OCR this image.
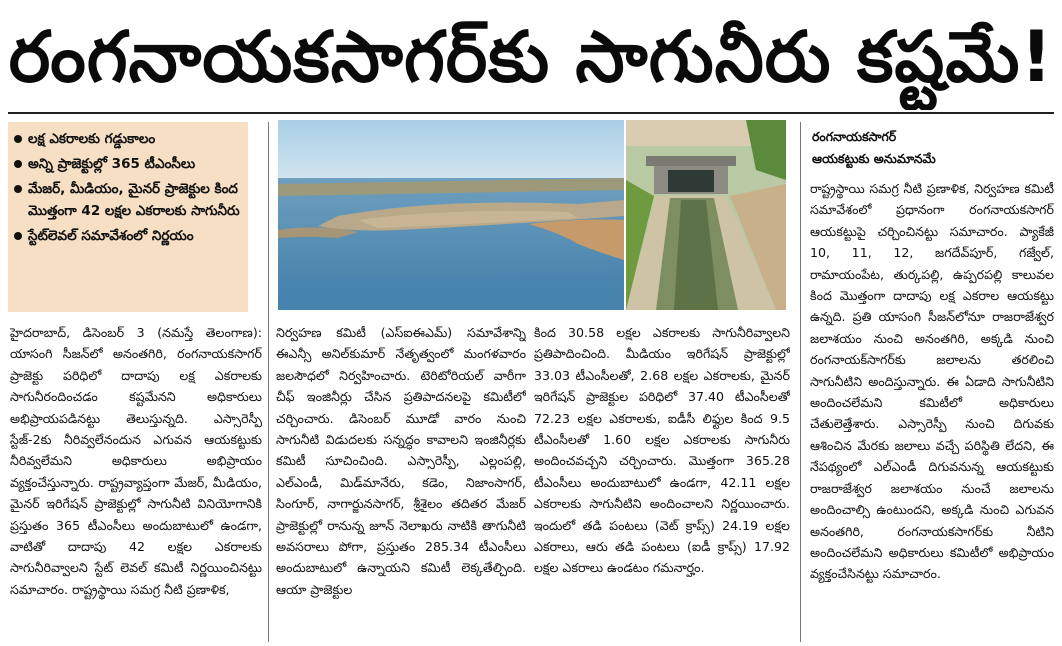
రంగనాయకసాగర్‌కు సాగునీరు కష్టమే!
లక్ష ఎకరాలకు గడ్డుకాలం
అన్ని ప్రాజెక్టుల్లో 365 టీఎంసీలు
మేజర్, మీడియం, మైనర్ ప్రాజెక్టుల కింద మొత్తంగా 42 లక్షల ఎకరాలకు సాగునీరు
స్టేట్‌లెవల్ సమావేశంలో నిర్ణయం
రంగనాయకసాగర్
ఆయకట్టుకు అనుమానమే
హైదరాబాద్, డిసెంబర్ 3 (నమస్తే తెలంగాణ): యాసంగి సీజన్‌లో అనంతగిరి, రంగనాయకసాగర్ ప్రాజెక్టు పరిధిలో దాదాపు లక్ష ఎకరాలకు సాగునీరందించడం కష్టమేనని అధికారులు అభిప్రాయపడినట్టు తెలుస్తున్నది. ఎస్సారెస్పీ స్టేజ్-2కు నీరివ్వలేనందున ఎగువన ఆయకట్టుకు నీరివ్వలేమని అధికారులు అభిప్రాయం వ్యక్తంచేస్తున్నారు. రాష్ట్రవ్యాప్తంగా మేజర్, మీడియం, మైనర్ ఇరిగేషన్ ప్రాజెక్టుల్లో సాగునీటి వినియోగానికి ప్రస్తుతం 365 టీఎంసీలు అందుబాటులో ఉండగా, వాటితో దాదాపు 42 లక్షల ఎకరాలకు సాగునీరివ్వాలని స్టేట్ లెవల్ కమిటీ నిర్ణయించినట్టు సమాచారం. రాష్ట్రస్థాయి సమగ్ర నీటి ప్రణాళిక,
నిర్వహణ కమిటీ (ఎస్‌ఐఈఎమ్) సమావేశాన్ని ఈఎన్సీ అనిల్‌కుమార్ నేతృత్వంలో మంగళవారం జలసౌధలో నిర్వహించారు. టెరిటోరియల్ వారీగా చీఫ్ ఇంజినీర్లు చేసిన ప్రతిపాదనలపై కమిటీలో చర్చించారు. డిసెంబర్ మూడో వారం నుంచి సాగునీటి విడుదలకు సన్నద్ధం కావాలని ఇంజినీర్లకు కమిటీ సూచించింది. ఎస్సారెస్పీ, ఎల్లంపల్లి, ఎల్‌ఎండీ, మిడ్‌మానేరు, కడెం, నిజాంసాగర్, సింగూర్, నాగార్జునసాగర్, శ్రీశైలం తదితర మేజర్ ప్రాజెక్టుల్లో రానున్న జూన్ నెలాఖరు నాటికి తాగునీటి అవసరాలు పోగా, ప్రస్తుతం 285.34 టీఎంసీలు అందుబాటులో ఉన్నాయని కమిటీ లెక్కతేల్చింది. ఆయా ప్రాజెక్టుల
కింద 30.58 లక్షల ఎకరాలకు సాగునీరివ్వాలని ప్రతిపాదించింది. మీడియం ఇరిగేషన్ ప్రాజెక్టుల్లో 33.03 టీఎంసీలతో, 2.68 లక్షల ఎకరాలకు, మైనర్ ఇరిగేషన్ ప్రాజెక్టుల పరిధిలో 37.40 టీఎంసీలతో 72.23 లక్షల ఎకరాలకు, ఐడీసీ లిఫ్టుల కింద 9.5 టీఎంసీలతో 1.60 లక్షల ఎకరాలకు సాగునీరు అందించవచ్చని చర్చించారు. మొత్తంగా 365.28 టీఎంసీలు అందుబాటులో ఉండగా, 42.11 లక్షల ఎకరాలకు సాగునీటిని అందించాలని నిర్ణయించారు. ఇందులో తడి పంటలు (వెట్ క్రాప్స్) 24.19 లక్షల ఎకరాలు, ఆరు తడి పంటలు (ఐడీ క్రాప్స్) 17.92 లక్షల ఎకరాలు ఉండటం గమనార్హం.
రాష్ట్రస్థాయి సమగ్ర నీటి ప్రణాళిక, నిర్వహణ కమిటీ సమావేశంలో ప్రధానంగా రంగనాయకసాగర్ ఆయకట్టుపై చర్చించినట్టు సమాచారం. ప్యాకేజీ 10, 11, 12, జగదేవ్‌పూర్, గజ్వేల్, రామాయంపేట, తుర్కపల్లి, ఉప్పరపల్లి కాలువల కింద మొత్తంగా దాదాపు లక్ష ఎకరాల ఆయకట్టు ఉన్నది. ప్రతి యాసంగి సీజన్‌లోనూ రాజరాజేశ్వర జలాశయం నుంచి అనంతగిరి, అక్కడి నుంచి రంగనాయక్‌సాగర్‌కు జలాలను తరలించి సాగునీటిని అందిస్తున్నారు. ఈ ఏడాది సాగునీటిని అందించలేమని కమిటీలో అధికారులు చేతులెత్తేశారు. ఎస్సారెస్పీ నుంచి దిగువకు ఆశించిన మేరకు జలాలు వచ్చే పరిస్థితి లేదని, ఈ నేపథ్యంలో ఎల్‌ఎండీ దిగువనున్న ఆయకట్టుకు రాజరాజేశ్వర జలాశయం నుంచే జలాలను అందించాల్సి ఉంటుందని, అక్కడి నుంచి ఎగువన అనంతగిరి, రంగనాయకసాగర్‌కు నీటిని అందించలేమని అధికారులు కమిటీలో అభిప్రాయం వ్యక్తంచేసినట్టు సమాచారం.
